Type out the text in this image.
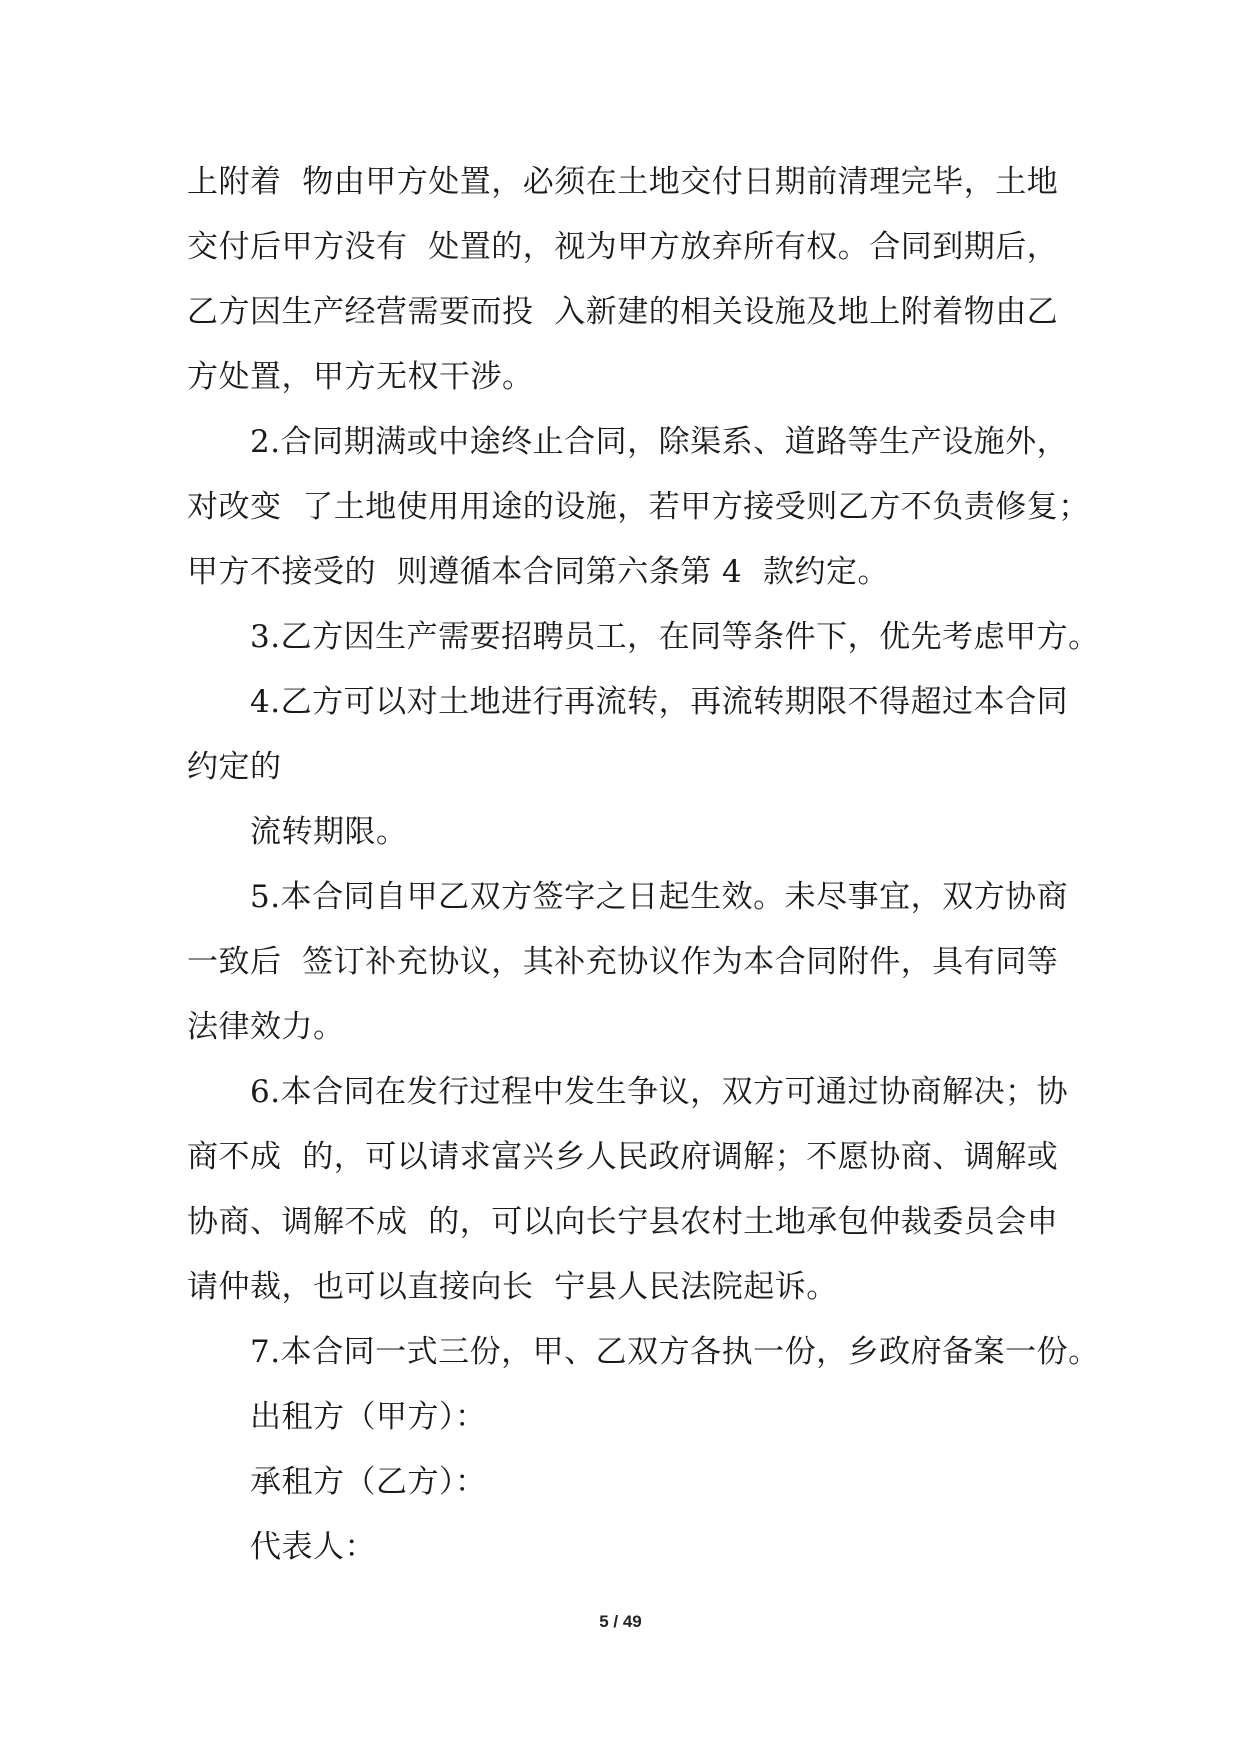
上附着  物由甲方处置，必须在土地交付日期前清理完毕，土地
交付后甲方没有  处置的，视为甲方放弃所有权。合同到期后，
乙方因生产经营需要而投  入新建的相关设施及地上附着物由乙
方处置，甲方无权干涉。
2.合同期满或中途终止合同，除渠系、道路等生产设施外，
对改变  了土地使用用途的设施，若甲方接受则乙方不负责修复；
甲方不接受的  则遵循本合同第六条第 4  款约定。
3.乙方因生产需要招聘员工，在同等条件下，优先考虑甲方。
4.乙方可以对土地进行再流转，再流转期限不得超过本合同
约定的
流转期限。
5.本合同自甲乙双方签字之日起生效。未尽事宜，双方协商
一致后  签订补充协议，其补充协议作为本合同附件，具有同等
法律效力。
6.本合同在发行过程中发生争议，双方可通过协商解决；协
商不成  的，可以请求富兴乡人民政府调解；不愿协商、调解或
协商、调解不成  的，可以向长宁县农村土地承包仲裁委员会申
请仲裁，也可以直接向长  宁县人民法院起诉。
7.本合同一式三份，甲、乙双方各执一份，乡政府备案一份。
出租方（甲方）：
承租方（乙方）：
代表人：
5 / 49
